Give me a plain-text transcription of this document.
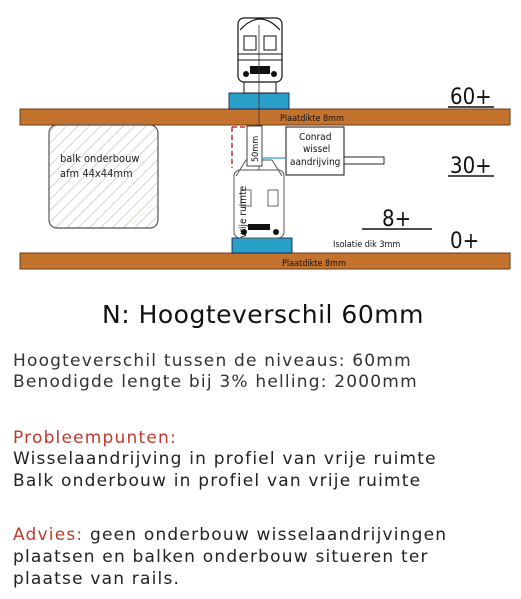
Plaatdikte 8mm
Plaatdikte 8mm
balk onderbouw
afm 44x44mm
vrije ruimte
50mm	Conrad
wissel
aandrijving
60+
30+
8+
0+
Isolatie dik 3mm
N: Hoogteverschil 60mm
Hoogteverschil tussen de niveaus: 60mm
Benodigde lengte bij 3% helling: 2000mm
Probleempunten:
Wisselaandrijving in profiel van vrije ruimte
Balk onderbouw in profiel van vrije ruimte
Advies: geen onderbouw wisselaandrijvingen
plaatsen en balken onderbouw situeren ter
plaatse van rails.
